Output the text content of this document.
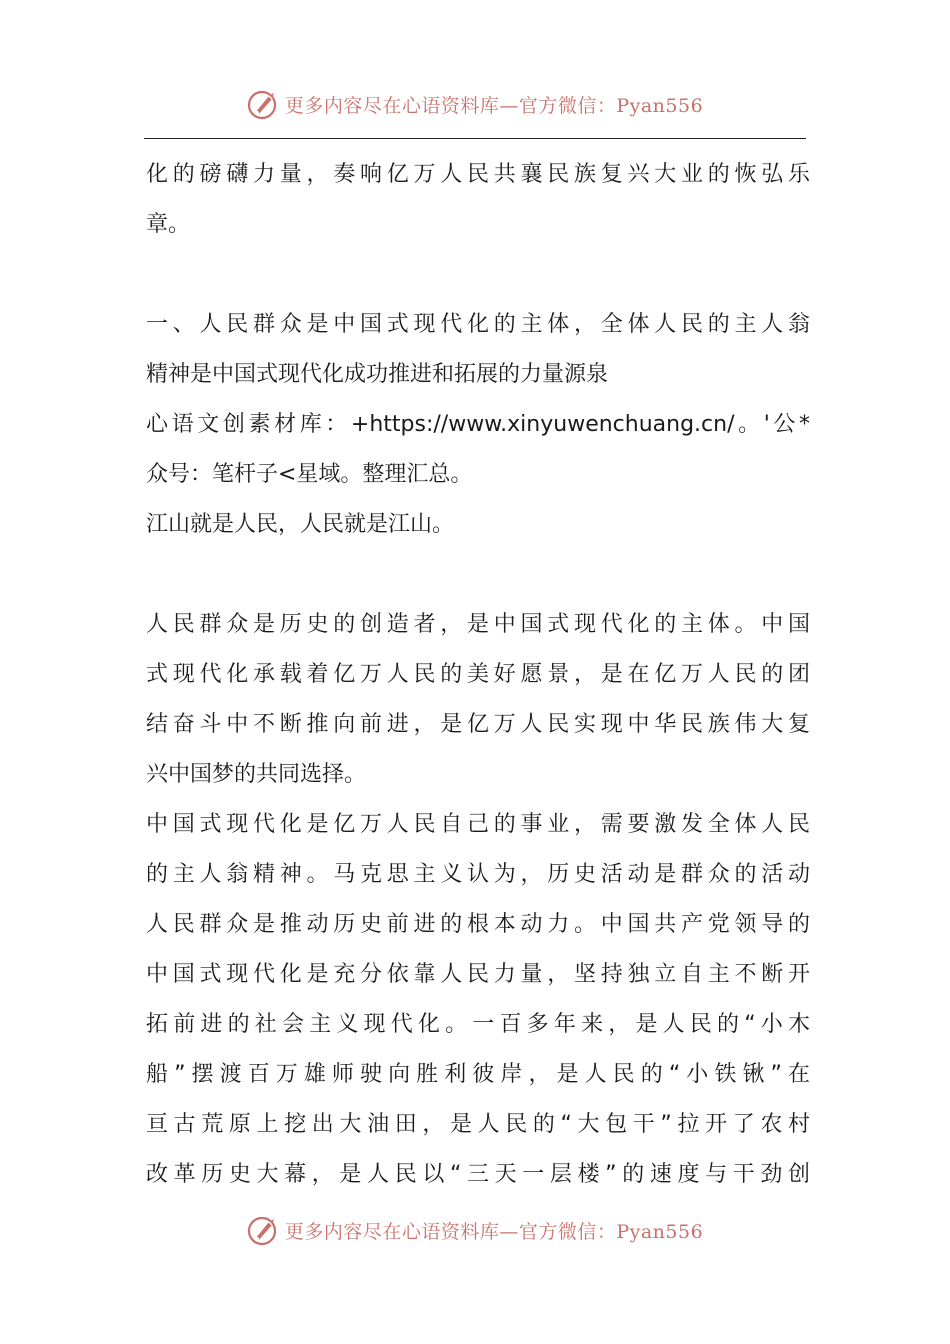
更多内容尽在心语资料库—官方微信：Pyan556
化的磅礴力量，奏响亿万人民共襄民族复兴大业的恢弘乐
章。
一、人民群众是中国式现代化的主体，全体人民的主人翁
精神是中国式现代化成功推进和拓展的力量源泉
心语文创素材库：+https://www.xinyuwenchuang.cn/。'公*
众号：笔杆子<星域。整理汇总。
江山就是人民，人民就是江山。
人民群众是历史的创造者，是中国式现代化的主体。中国
式现代化承载着亿万人民的美好愿景，是在亿万人民的团
结奋斗中不断推向前进，是亿万人民实现中华民族伟大复
兴中国梦的共同选择。
中国式现代化是亿万人民自己的事业，需要激发全体人民
的主人翁精神。马克思主义认为，历史活动是群众的活动
人民群众是推动历史前进的根本动力。中国共产党领导的
中国式现代化是充分依靠人民力量，坚持独立自主不断开
拓前进的社会主义现代化。一百多年来，是人民的“小木
船”摆渡百万雄师驶向胜利彼岸，是人民的“小铁锹”在
亘古荒原上挖出大油田，是人民的“大包干”拉开了农村
改革历史大幕，是人民以“三天一层楼”的速度与干劲创
更多内容尽在心语资料库—官方微信：Pyan556
